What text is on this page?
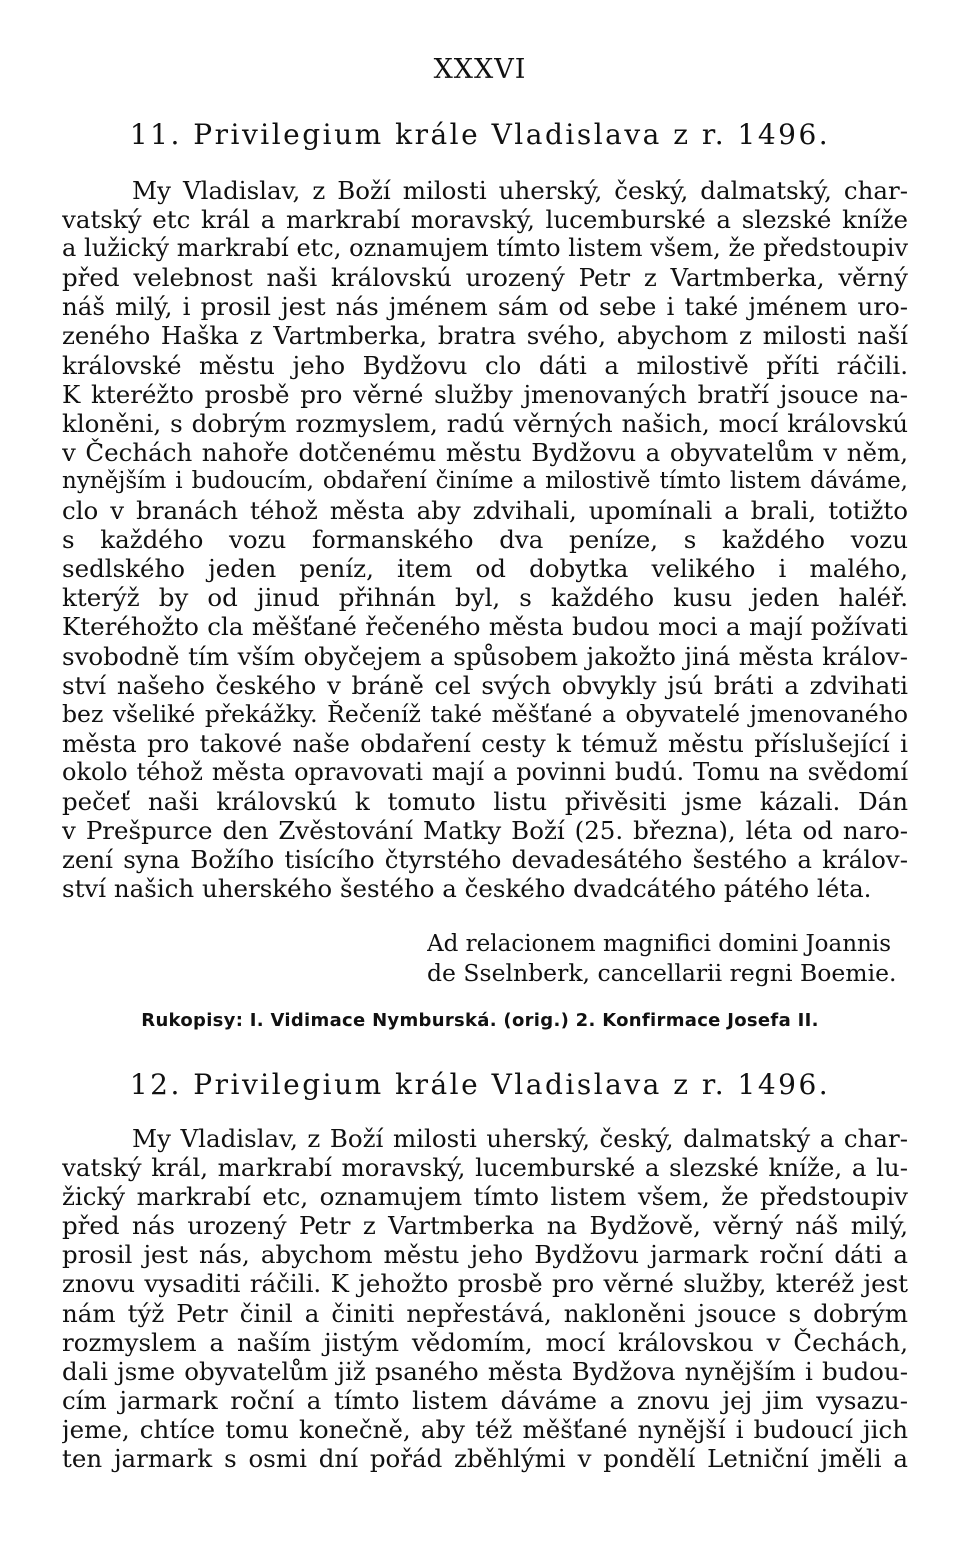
XXXVI
11. Privilegium krále Vladislava z r. 1496.
My Vladislav, z Boží milosti uherský, český, dalmatský, char-
vatský etc král a markrabí moravský, lucemburské a slezské kníže
a lužický markrabí etc, oznamujem tímto listem všem, že předstoupiv
před velebnost naši královskú urozený Petr z Vartmberka, věrný
náš milý, i prosil jest nás jménem sám od sebe i také jménem uro-
zeného Haška z Vartmberka, bratra svého, abychom z milosti naší
královské městu jeho Bydžovu clo dáti a milostivě příti ráčili.
K kteréžto prosbě pro věrné služby jmenovaných bratří jsouce na-
kloněni, s dobrým rozmyslem, radú věrných našich, mocí královskú
v Čechách nahoře dotčenému městu Bydžovu a obyvatelům v něm,
nynějším i budoucím, obdaření činíme a milostivě tímto listem dáváme,
clo v branách téhož města aby zdvihali, upomínali a brali, totižto
s každého vozu formanského dva peníze, s každého vozu
sedlského jeden peníz, item od dobytka velikého i malého,
kterýž by od jinud přihnán byl, s každého kusu jeden haléř.
Kteréhožto cla měšťané řečeného města budou moci a mají požívati
svobodně tím vším obyčejem a spůsobem jakožto jiná města králov-
ství našeho českého v bráně cel svých obvykly jsú bráti a zdvihati
bez všeliké překážky. Řečeníž také měšťané a obyvatelé jmenovaného
města pro takové naše obdaření cesty k témuž městu příslušející i
okolo téhož města opravovati mají a povinni budú. Tomu na svědomí
pečeť naši královskú k tomuto listu přivěsiti jsme kázali. Dán
v Prešpurce den Zvěstování Matky Boží (25. března), léta od naro-
zení syna Božího tisícího čtyrstého devadesátého šestého a králov-
ství našich uherského šestého a českého dvadcátého pátého léta.
Ad relacionem magnifici domini Joannis
de Sselnberk, cancellarii regni Boemie.
Rukopisy: I. Vidimace Nymburská. (orig.) 2. Konfirmace Josefa II.
12. Privilegium krále Vladislava z r. 1496.
My Vladislav, z Boží milosti uherský, český, dalmatský a char-
vatský král, markrabí moravský, lucemburské a slezské kníže, a lu-
žický markrabí etc, oznamujem tímto listem všem, že předstoupiv
před nás urozený Petr z Vartmberka na Bydžově, věrný náš milý,
prosil jest nás, abychom městu jeho Bydžovu jarmark roční dáti a
znovu vysaditi ráčili. K jehožto prosbě pro věrné služby, kteréž jest
nám týž Petr činil a činiti nepřestává, nakloněni jsouce s dobrým
rozmyslem a naším jistým vědomím, mocí královskou v Čechách,
dali jsme obyvatelům již psaného města Bydžova nynějším i budou-
cím jarmark roční a tímto listem dáváme a znovu jej jim vysazu-
jeme, chtíce tomu konečně, aby též měšťané nynější i budoucí jich
ten jarmark s osmi dní pořád zběhlými v pondělí Letniční jměli a
